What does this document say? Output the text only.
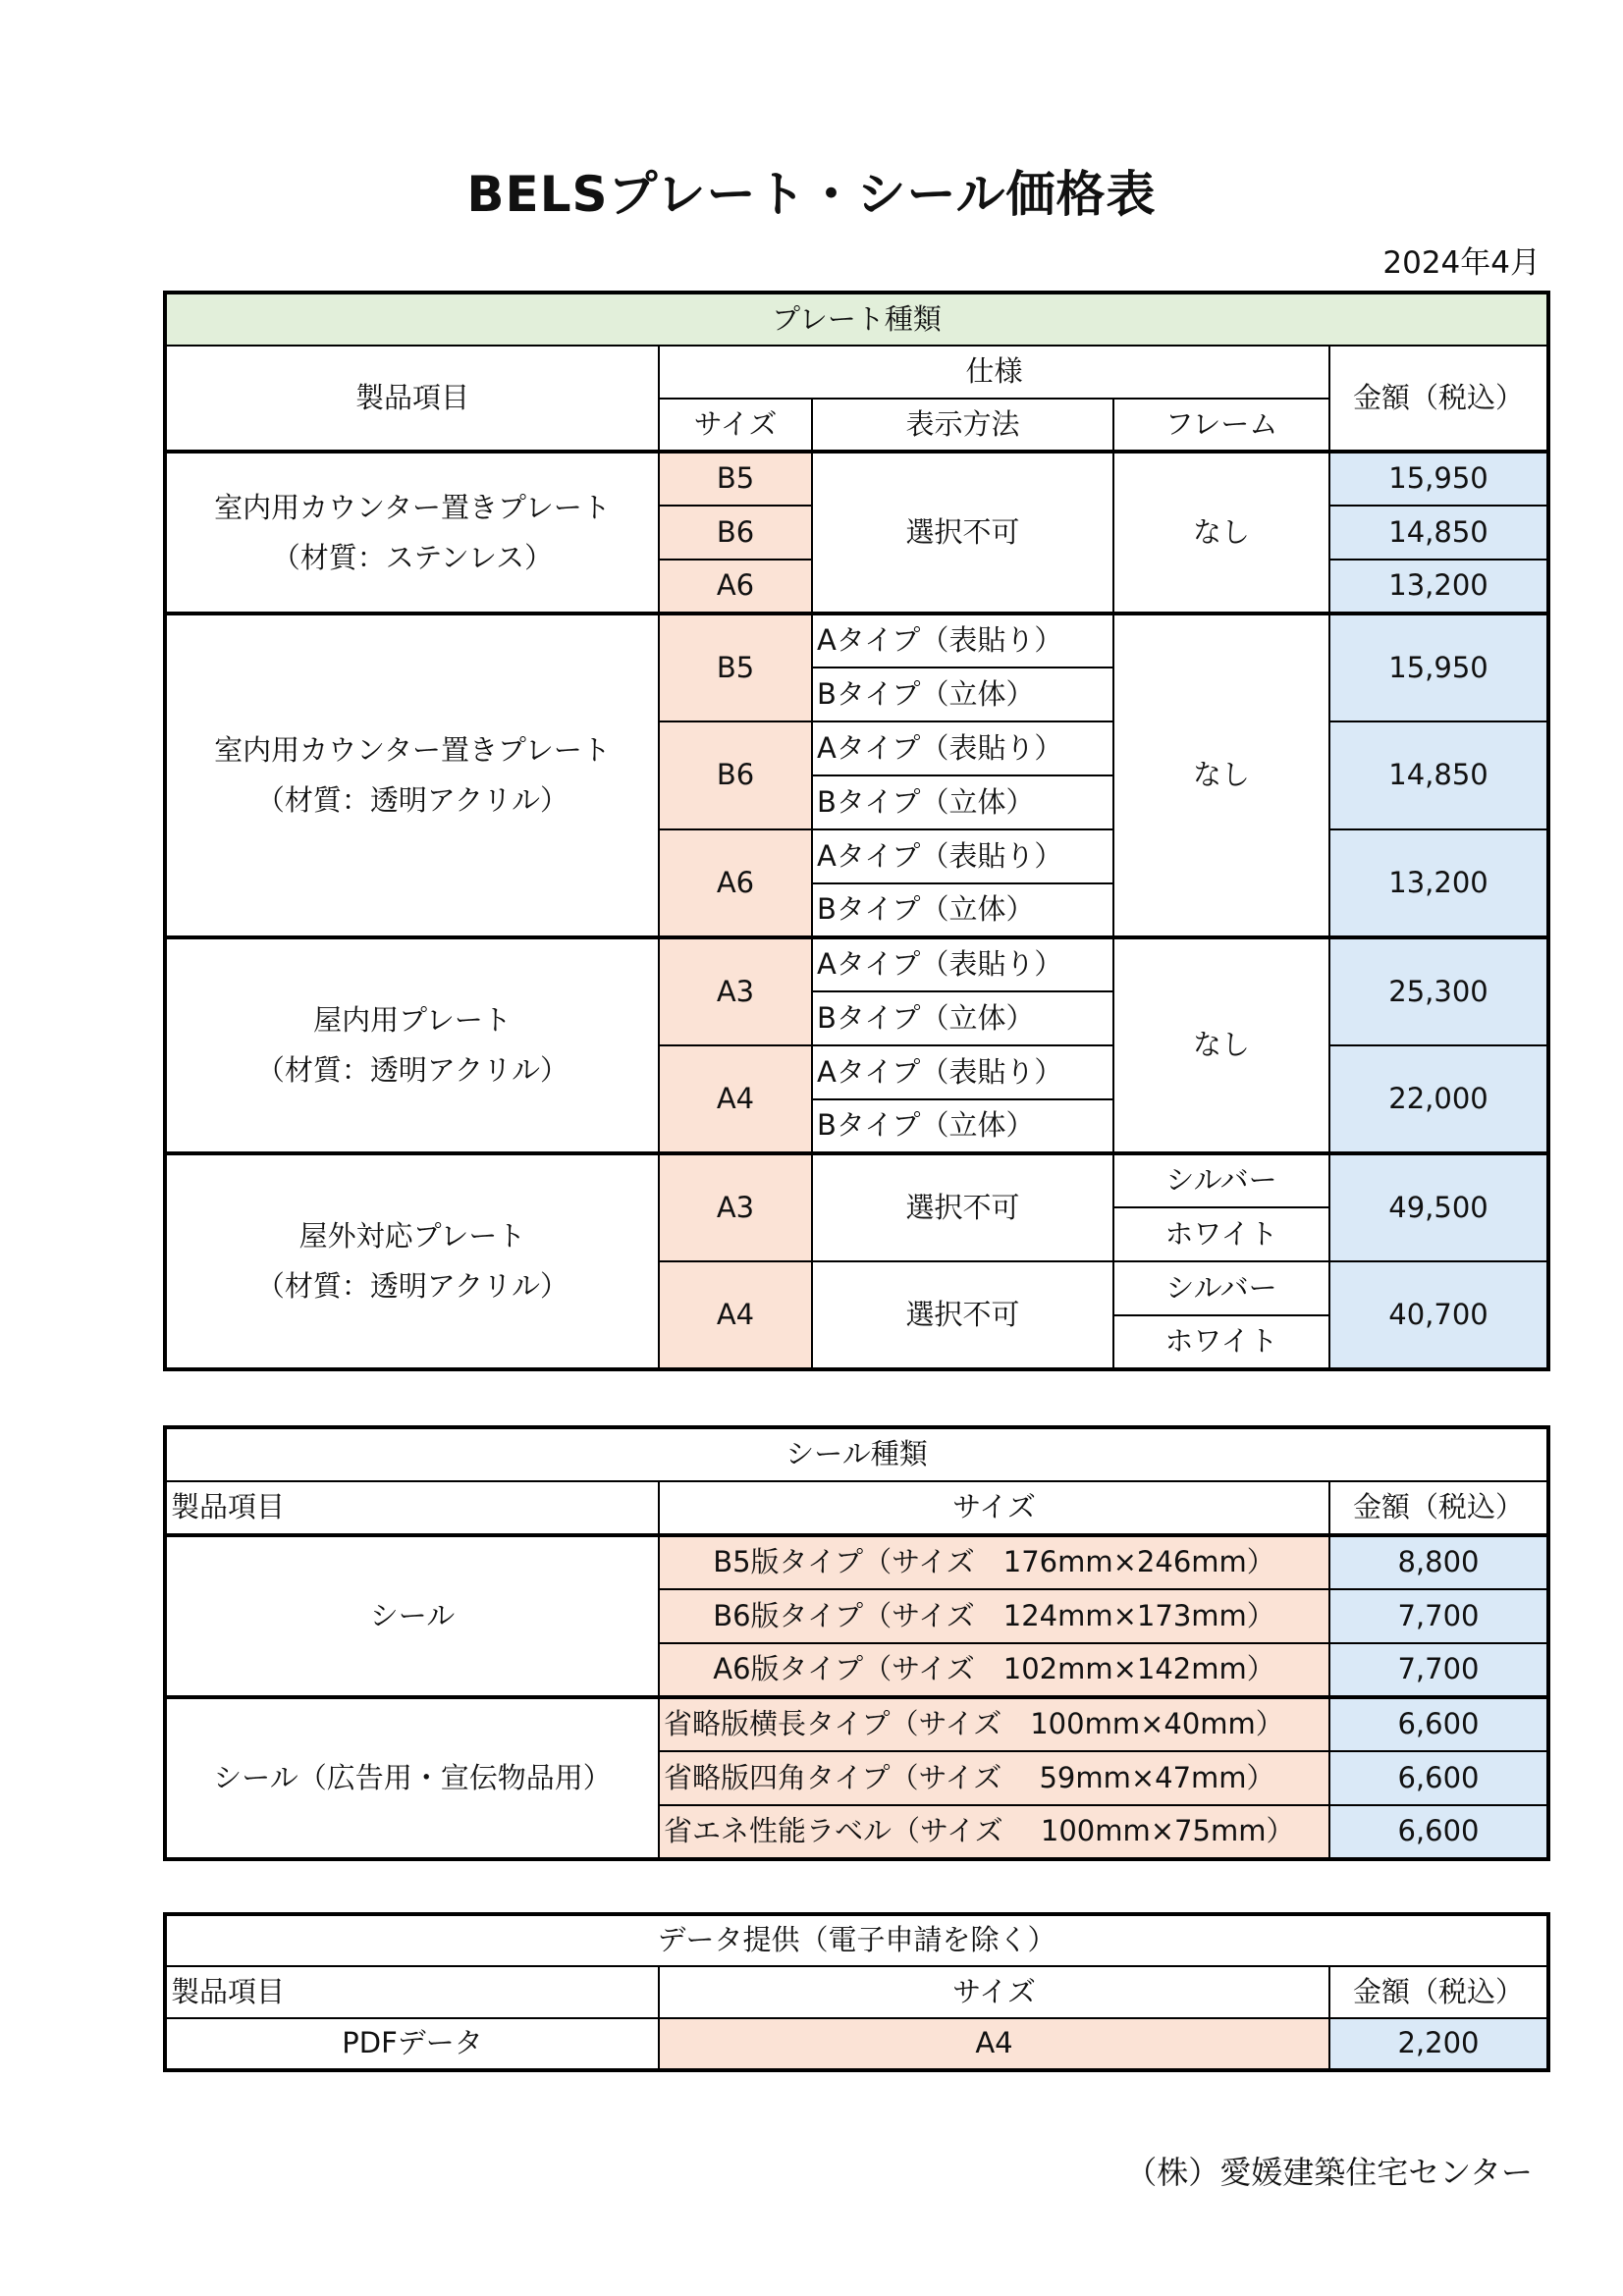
BELSプレート・シール価格表
2024年4月
プレート種類				
製品項目	仕様			金額（税込）
	サイズ	表示方法	フレーム	

室内用カウンター置きプレート
（材質：ステンレス）	B5	選択不可	なし	15,950
	B6			14,850
	A6			13,200

室内用カウンター置きプレート
（材質：透明アクリル）	B5	Aタイプ（表貼り）	なし	15,950
		Bタイプ（立体）		
	B6	Aタイプ（表貼り）		14,850
		Bタイプ（立体）		
	A6	Aタイプ（表貼り）		13,200
		Bタイプ（立体）		

屋内用プレート
（材質：透明アクリル）	A3	Aタイプ（表貼り）	なし	25,300
		Bタイプ（立体）		
	A4	Aタイプ（表貼り）		22,000
		Bタイプ（立体）		

屋外対応プレート
（材質：透明アクリル）	A3	選択不可	シルバー	49,500
			ホワイト	
	A4	選択不可	シルバー	40,700
			ホワイト	
シール種類		
製品項目	サイズ	金額（税込）
シール	B5版タイプ（サイズ　176mm×246mm）	8,800
	B6版タイプ（サイズ　124mm×173mm）	7,700
	A6版タイプ（サイズ　102mm×142mm）	7,700
シール（広告用・宣伝物品用）	省略版横長タイプ（サイズ　100mm×40mm）	6,600
	省略版四角タイプ（サイズ　 59mm×47mm）	6,600
	省エネ性能ラベル（サイズ　 100mm×75mm）	6,600
データ提供（電子申請を除く）		
製品項目	サイズ	金額（税込）
PDFデータ	A4	2,200
（株）愛媛建築住宅センター
